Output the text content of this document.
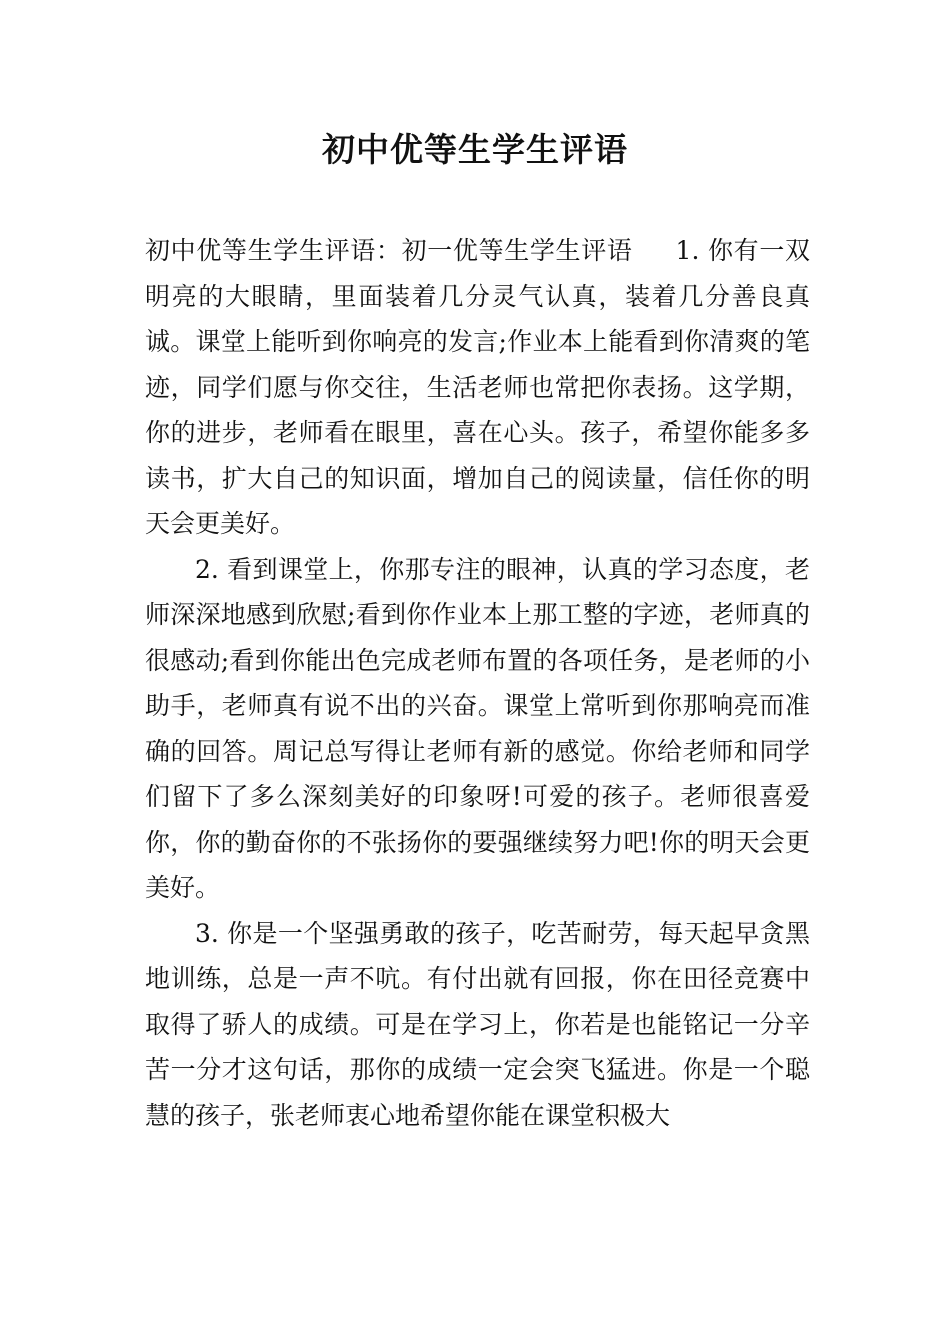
初中优等生学生评语

初中优等生学生评语：初一优等生学生评语     1. 你有一双明亮的大眼睛，里面装着几分灵气认真，装着几分善良真诚。课堂上能听到你响亮的发言;作业本上能看到你清爽的笔迹，同学们愿与你交往，生活老师也常把你表扬。这学期，你的进步，老师看在眼里，喜在心头。孩子，希望你能多多读书，扩大自己的知识面，增加自己的阅读量，信任你的明天会更美好。

2. 看到课堂上，你那专注的眼神，认真的学习态度，老师深深地感到欣慰;看到你作业本上那工整的字迹，老师真的很感动;看到你能出色完成老师布置的各项任务，是老师的小助手，老师真有说不出的兴奋。课堂上常听到你那响亮而准确的回答。周记总写得让老师有新的感觉。你给老师和同学们留下了多么深刻美好的印象呀!可爱的孩子。老师很喜爱你，你的勤奋你的不张扬你的要强继续努力吧!你的明天会更美好。

3. 你是一个坚强勇敢的孩子，吃苦耐劳，每天起早贪黑地训练，总是一声不吭。有付出就有回报，你在田径竞赛中取得了骄人的成绩。可是在学习上，你若是也能铭记一分辛苦一分才这句话，那你的成绩一定会突飞猛进。你是一个聪慧的孩子，张老师衷心地希望你能在课堂积极大
